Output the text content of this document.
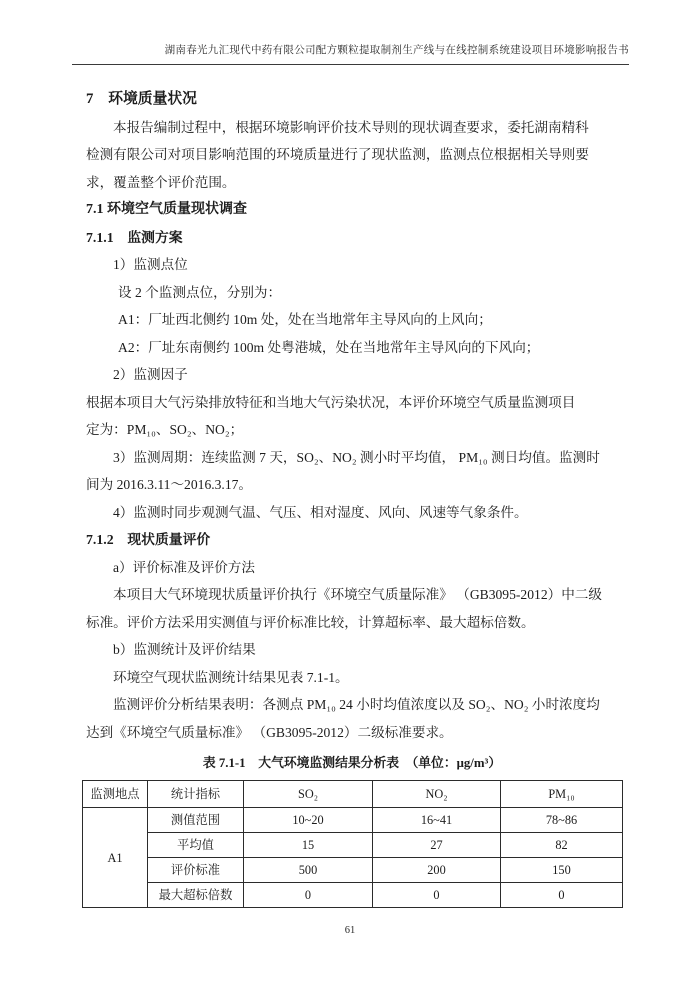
湖南春光九汇现代中药有限公司配方颗粒提取制剂生产线与在线控制系统建设项目环境影响报告书
7　环境质量状况
本报告编制过程中，根据环境影响评价技术导则的现状调查要求，委托湖南精科
检测有限公司对项目影响范围的环境质量进行了现状监测，监测点位根据相关导则要
求，覆盖整个评价范围。
7.1 环境空气质量现状调查
7.1.1　监测方案
1）监测点位
设 2 个监测点位，分别为：
A1：厂址西北侧约 10m 处，处在当地常年主导风向的上风向；
A2：厂址东南侧约 100m 处粤港城，处在当地常年主导风向的下风向；
2）监测因子
根据本项目大气污染排放特征和当地大气污染状况，本评价环境空气质量监测项目
定为：PM₁₀、SO₂、NO₂；
3）监测周期：连续监测 7 天，SO₂、NO₂ 测小时平均值， PM₁₀ 测日均值。监测时
间为 2016.3.11～2016.3.17。
4）监测时同步观测气温、气压、相对湿度、风向、风速等气象条件。
7.1.2　现状质量评价
a）评价标准及评价方法
本项目大气环境现状质量评价执行《环境空气质量际准》 （GB3095-2012）中二级
标准。评价方法采用实测值与评价标准比较，计算超标率、最大超标倍数。
b）监测统计及评价结果
环境空气现状监测统计结果见表 7.1-1。
监测评价分析结果表明：各测点 PM₁₀ 24 小时均值浓度以及 SO₂、NO₂ 小时浓度均
达到《环境空气质量标准》 （GB3095-2012）二级标准要求。
表 7.1-1　大气环境监测结果分析表　（单位：μg/m³）
监测地点	统计指标	SO₂	NO₂	PM₁₀
A1	测值范围	10~20	16~41	78~86
	平均值	15	27	82
	评价标准	500	200	150
	最大超标倍数	0	0	0
61
